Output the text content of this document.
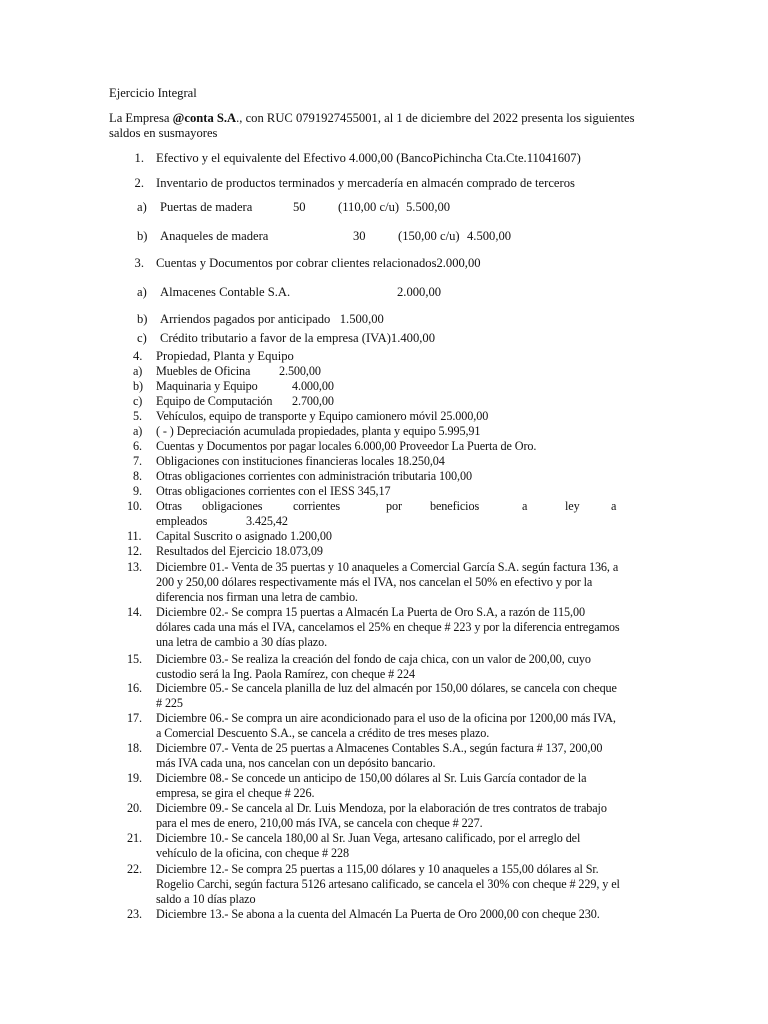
Ejercicio Integral
La Empresa @conta S.A., con RUC 0791927455001, al 1 de diciembre del 2022 presenta los siguientes
saldos en susmayores
1. Efectivo y el equivalente del Efectivo 4.000,00 (BancoPichincha Cta.Cte.11041607)
2. Inventario de productos terminados y mercadería en almacén comprado de terceros
a) Puertas de madera	50	(110,00 c/u) 5.500,00
b) Anaqueles de madera	30	(150,00 c/u) 4.500,00
3. Cuentas y Documentos por cobrar clientes relacionados2.000,00
a) Almacenes Contable S.A.	2.000,00
b) Arriendos pagados por anticipado   1.500,00
c) Crédito tributario a favor de la empresa (IVA)1.400,00
4. Propiedad, Planta y Equipo
a) Muebles de Oficina 2.500,00
b) Maquinaria y Equipo	4.000,00
c) Equipo de Computación 2.700,00
5. Vehículos, equipo de transporte y Equipo camionero móvil 25.000,00
a) ( - ) Depreciación acumulada propiedades, planta y equipo 5.995,91
6. Cuentas y Documentos por pagar locales 6.000,00 Proveedor La Puerta de Oro.
7. Obligaciones con instituciones financieras locales 18.250,04
8. Otras obligaciones corrientes con administración tributaria 100,00
9. Otras obligaciones corrientes con el IESS 345,17
10. Otras obligaciones	corrientes	por beneficios	a	ley	a
empleados	3.425,42
11. Capital Suscrito o asignado 1.200,00
12. Resultados del Ejercicio 18.073,09
13. Diciembre 01.- Venta de 35 puertas y 10 anaqueles a Comercial García S.A. según factura 136, a
200 y 250,00 dólares respectivamente más el IVA, nos cancelan el 50% en efectivo y por la
diferencia nos firman una letra de cambio.
14. Diciembre 02.- Se compra 15 puertas a Almacén La Puerta de Oro S.A, a razón de 115,00
dólares cada una más el IVA, cancelamos el 25% en cheque # 223 y por la diferencia entregamos
una letra de cambio a 30 días plazo.
15. Diciembre 03.- Se realiza la creación del fondo de caja chica, con un valor de 200,00, cuyo
custodio será la Ing. Paola Ramírez, con cheque # 224
16. Diciembre 05.- Se cancela planilla de luz del almacén por 150,00 dólares, se cancela con cheque
# 225
17. Diciembre 06.- Se compra un aire acondicionado para el uso de la oficina por 1200,00 más IVA,
a Comercial Descuento S.A., se cancela a crédito de tres meses plazo.
18. Diciembre 07.- Venta de 25 puertas a Almacenes Contables S.A., según factura # 137, 200,00
más IVA cada una, nos cancelan con un depósito bancario.
19. Diciembre 08.- Se concede un anticipo de 150,00 dólares al Sr. Luis García contador de la
empresa, se gira el cheque # 226.
20. Diciembre 09.- Se cancela al Dr. Luis Mendoza, por la elaboración de tres contratos de trabajo
para el mes de enero, 210,00 más IVA, se cancela con cheque # 227.
21. Diciembre 10.- Se cancela 180,00 al Sr. Juan Vega, artesano calificado, por el arreglo del
vehículo de la oficina, con cheque # 228
22. Diciembre 12.- Se compra 25 puertas a 115,00 dólares y 10 anaqueles a 155,00 dólares al Sr.
Rogelio Carchi, según factura 5126 artesano calificado, se cancela el 30% con cheque # 229, y el
saldo a 10 días plazo
23. Diciembre 13.- Se abona a la cuenta del Almacén La Puerta de Oro 2000,00 con cheque 230.
